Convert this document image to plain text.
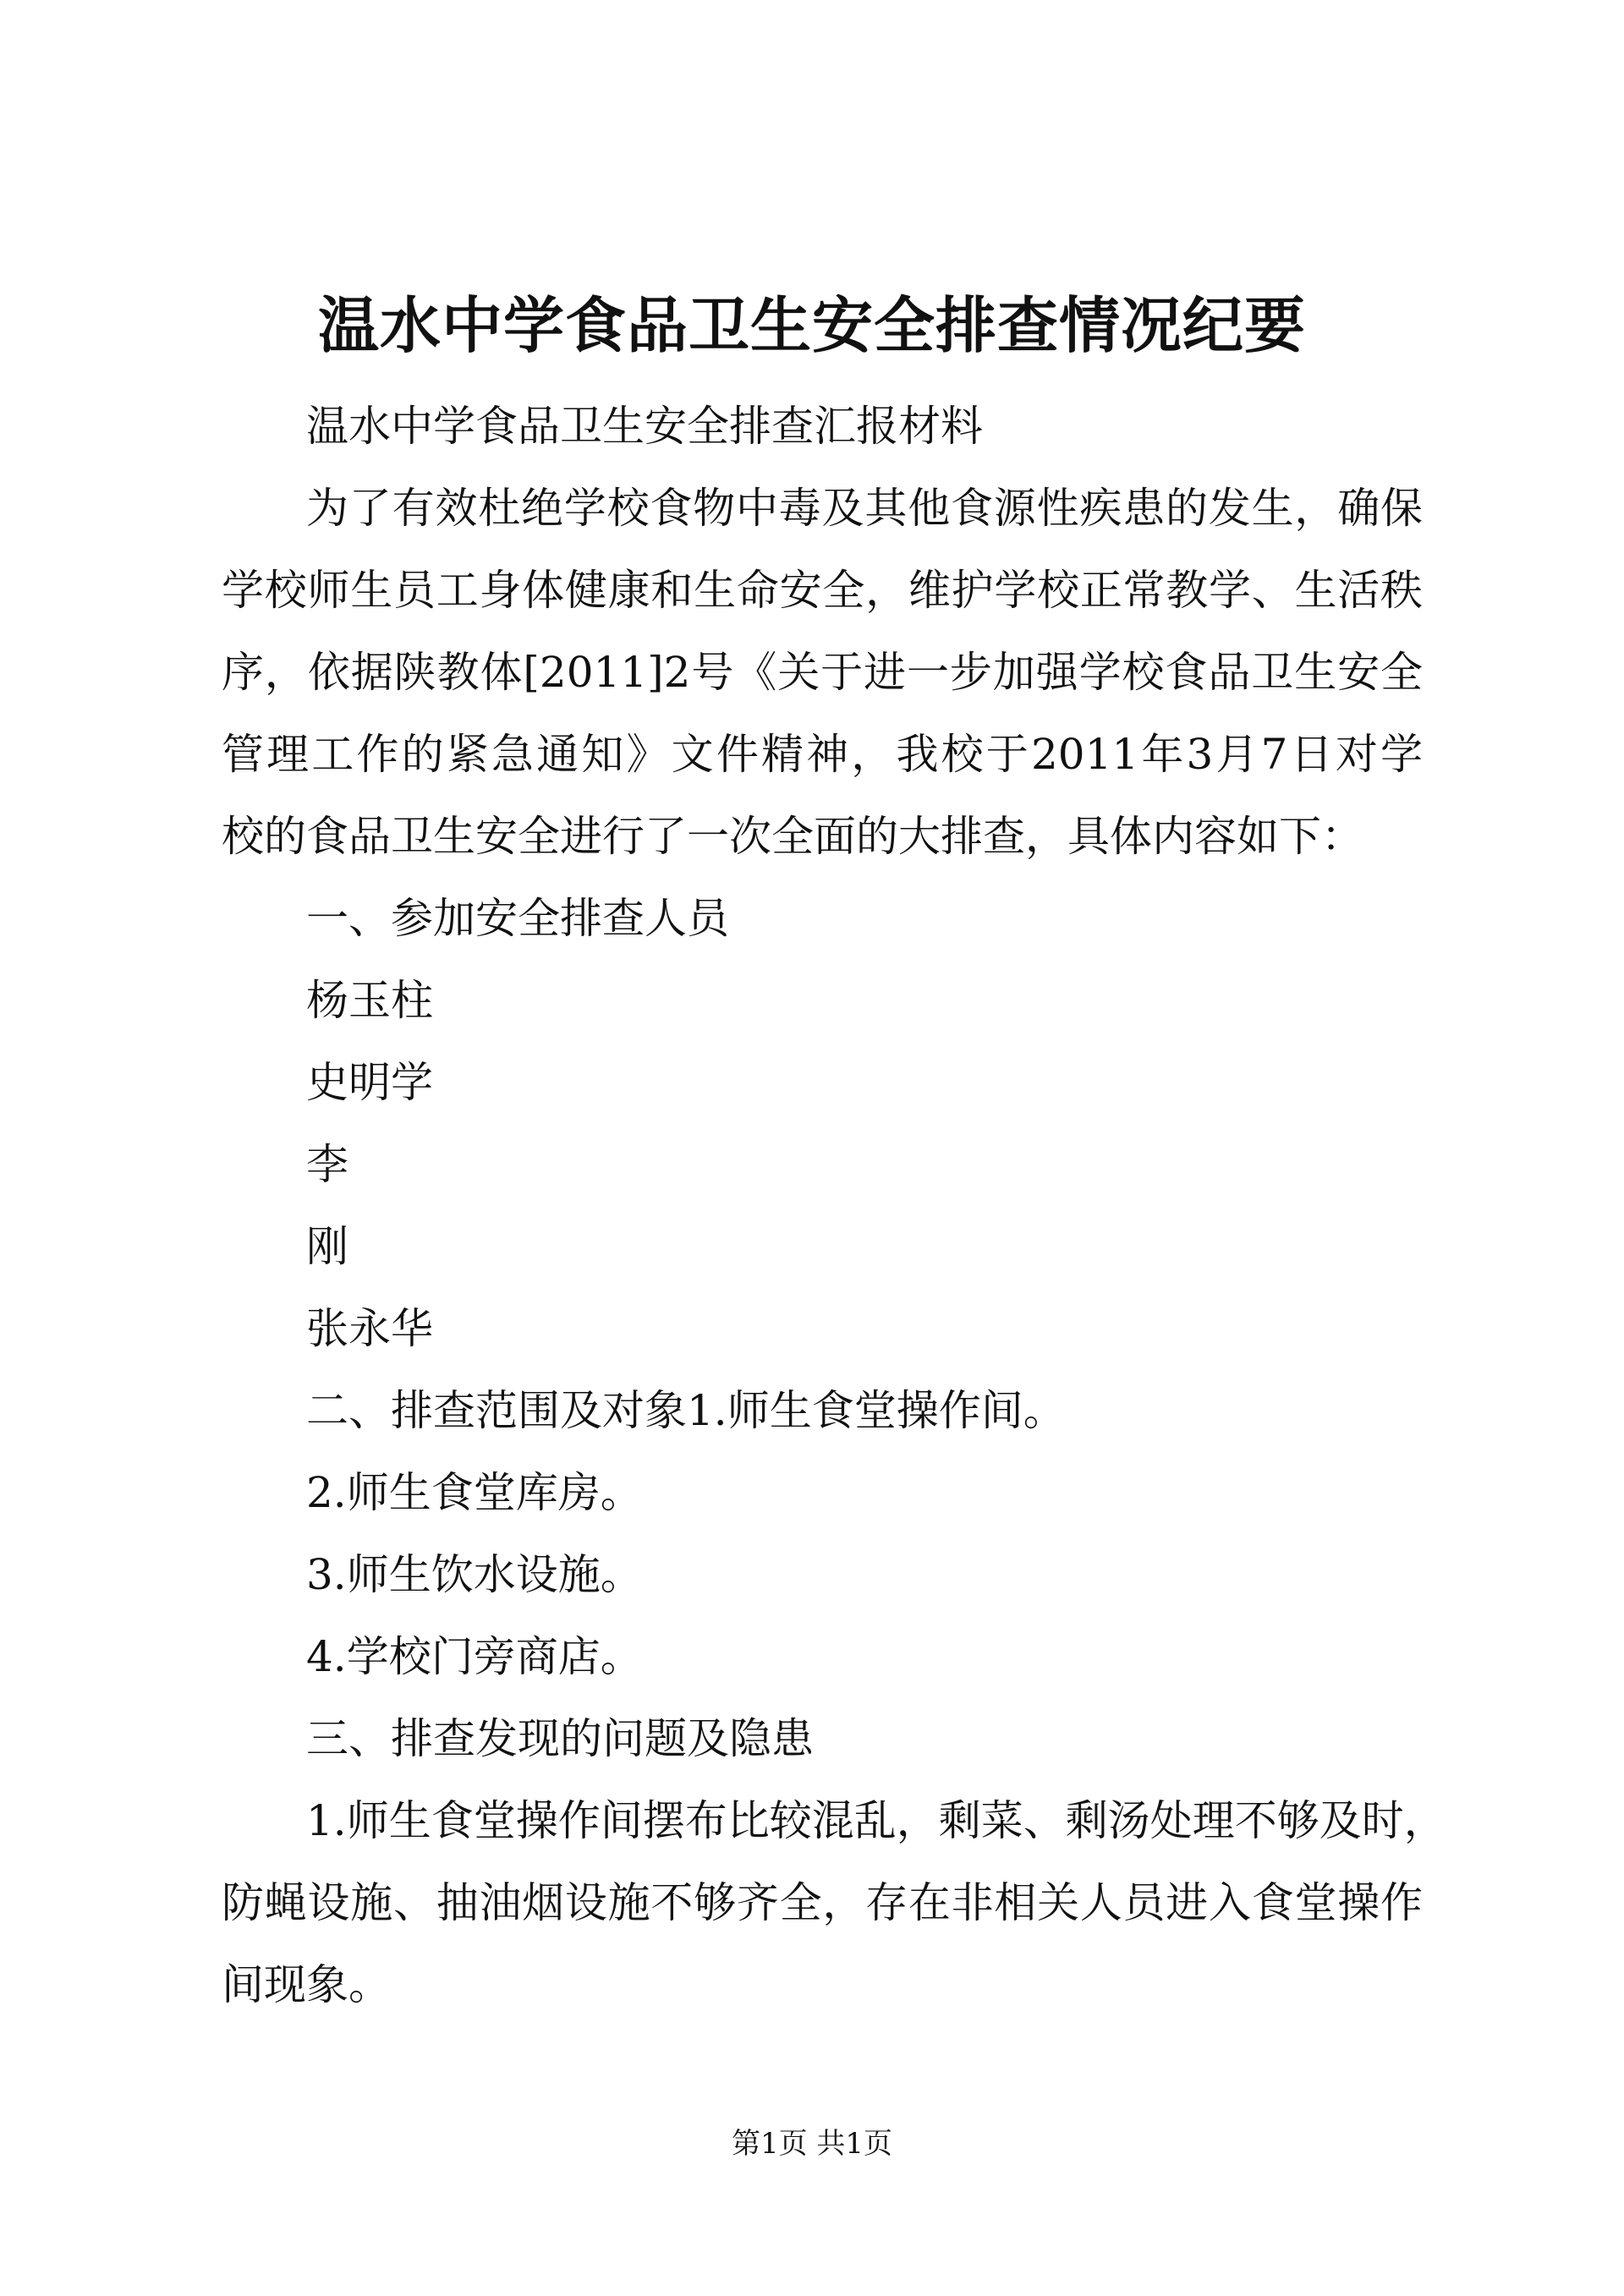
温水中学食品卫生安全排查情况纪要
温水中学食品卫生安全排查汇报材料
为了有效杜绝学校食物中毒及其他食源性疾患的发生，确保
学校师生员工身体健康和生命安全，维护学校正常教学、生活秩
序，依据陕教体[2011]2号《关于进一步加强学校食品卫生安全
管理工作的紧急通知》文件精神，我校于2011年3月7日对学
校的食品卫生安全进行了一次全面的大排查，具体内容如下：
一、参加安全排查人员
杨玉柱
史明学
李
刚
张永华
二、排查范围及对象1.师生食堂操作间。
2.师生食堂库房。
3.师生饮水设施。
4.学校门旁商店。
三、排查发现的问题及隐患
1.师生食堂操作间摆布比较混乱，剩菜、剩汤处理不够及时，
防蝇设施、抽油烟设施不够齐全，存在非相关人员进入食堂操作
间现象。
第1页 共1页
